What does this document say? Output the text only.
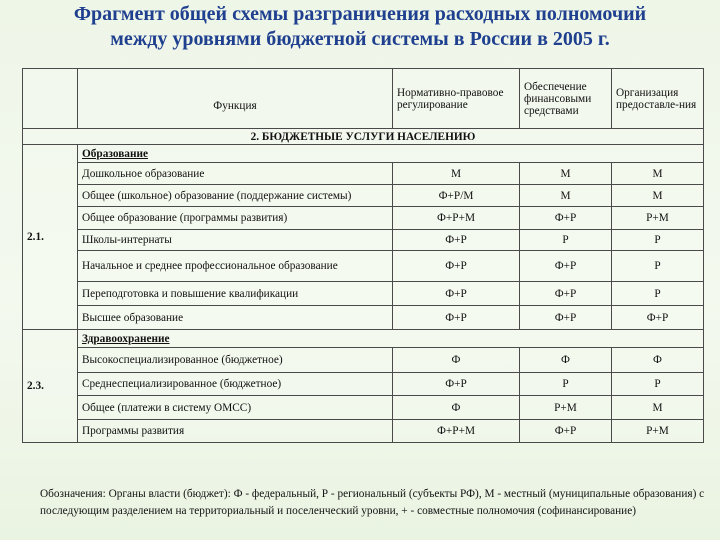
Фрагмент общей схемы разграничения расходных полномочий
между уровнями бюджетной системы в России в 2005 г.
	Функция	Нормативно-правовое регулирование	Обеспечение финансовыми средствами	Организация предоставле-ния
2. БЮДЖЕТНЫЕ УСЛУГИ НАСЕЛЕНИЮ				
2.1.	Образование			
	Дошкольное образование	М	М	М
	Общее (школьное) образование (поддержание системы)	Ф+Р/М	М	М
	Общее образование (программы развития)	Ф+Р+М	Ф+Р	Р+М
	Школы-интернаты	Ф+Р	Р	Р
	Начальное и среднее профессиональное образование	Ф+Р	Ф+Р	Р
	Переподготовка и повышение квалификации	Ф+Р	Ф+Р	Р
	Высшее образование	Ф+Р	Ф+Р	Ф+Р
2.3.	Здравоохранение			
	Высокоспециализированное (бюджетное)	Ф	Ф	Ф
	Среднеспециализированное (бюджетное)	Ф+Р	Р	Р
	Общее (платежи в систему ОМСС)	Ф	Р+М	М
	Программы развития	Ф+Р+М	Ф+Р	Р+М
Обозначения: Органы власти (бюджет): Ф - федеральный, Р - региональный (субъекты РФ), М - местный (муниципальные образования) с последующим разделением на территориальный и поселенческий уровни, + - совместные полномочия (софинансирование)
